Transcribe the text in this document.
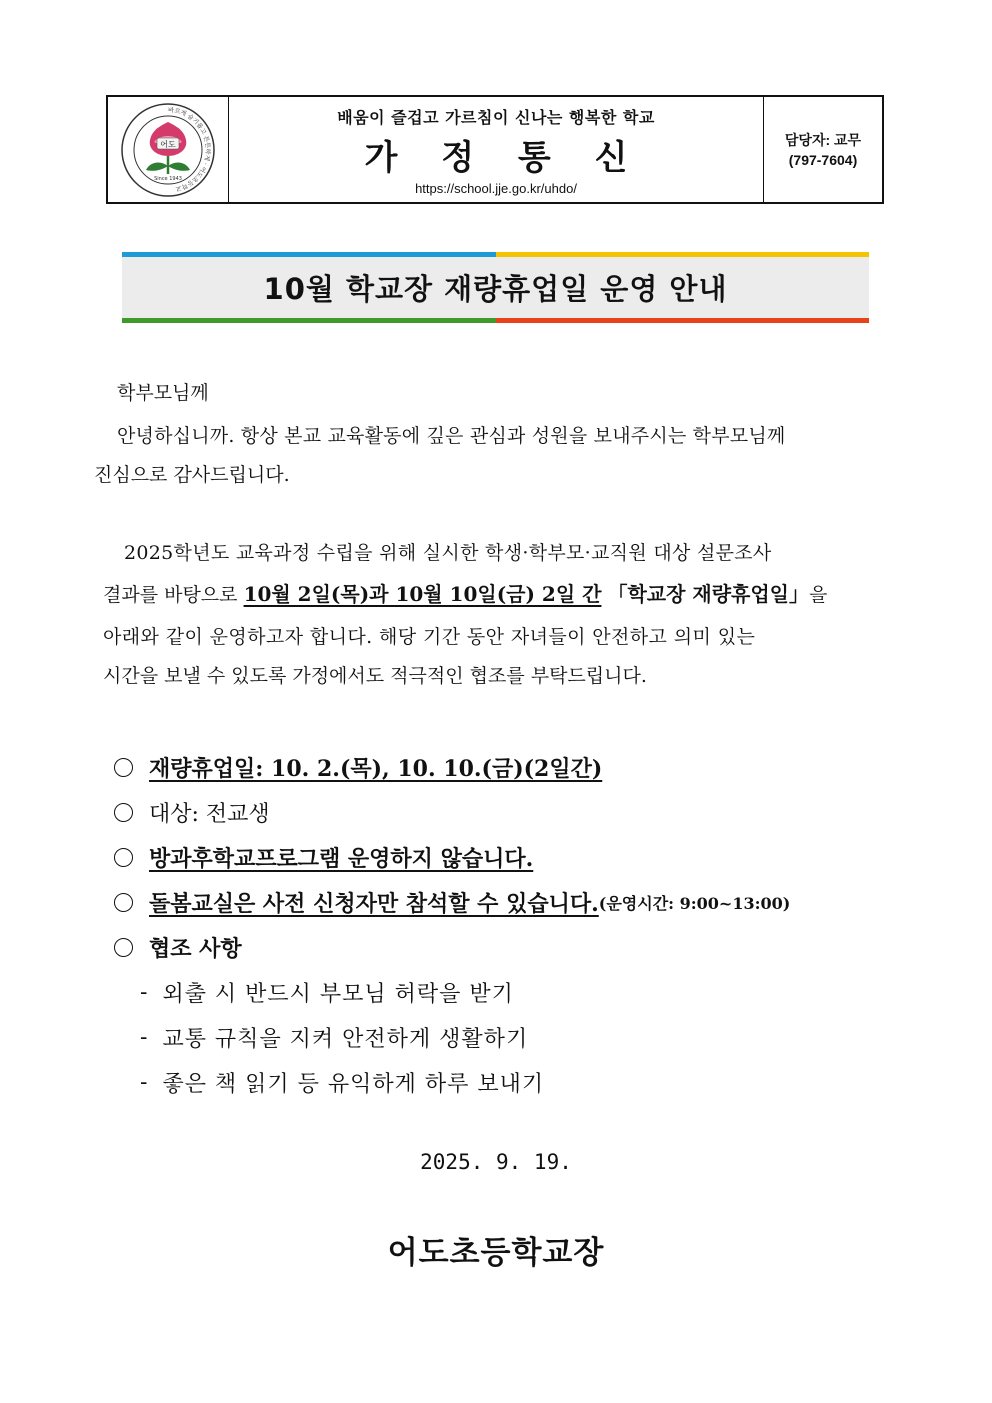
어도
Since 1943
바르게 슬기롭고 튼튼하게 · 어도초등학교
배움이 즐겁고 가르침이 신나는 행복한 학교
가 정 통 신
https://school.jje.go.kr/uhdo/
담당자: 교무
(797-7604)
10월 학교장 재량휴업일 운영 안내
학부모님께
안녕하십니까. 항상 본교 교육활동에 깊은 관심과 성원을 보내주시는 학부모님께
진심으로 감사드립니다.
2025학년도 교육과정 수립을 위해 실시한 학생·학부모·교직원 대상 설문조사
결과를 바탕으로 10월 2일(목)과 10월 10일(금) 2일 간 「학교장 재량휴업일」을
아래와 같이 운영하고자 합니다. 해당 기간 동안 자녀들이 안전하고 의미 있는
시간을 보낼 수 있도록 가정에서도 적극적인 협조를 부탁드립니다.
재량휴업일: 10. 2.(목), 10. 10.(금)(2일간)
대상: 전교생
방과후학교프로그램 운영하지 않습니다.
돌봄교실은 사전 신청자만 참석할 수 있습니다. (운영시간: 9:00~13:00)
협조 사항
- 외출 시 반드시 부모님 허락을 받기
- 교통 규칙을 지켜 안전하게 생활하기
- 좋은 책 읽기 등 유익하게 하루 보내기
2025. 9. 19.
어도초등학교장
